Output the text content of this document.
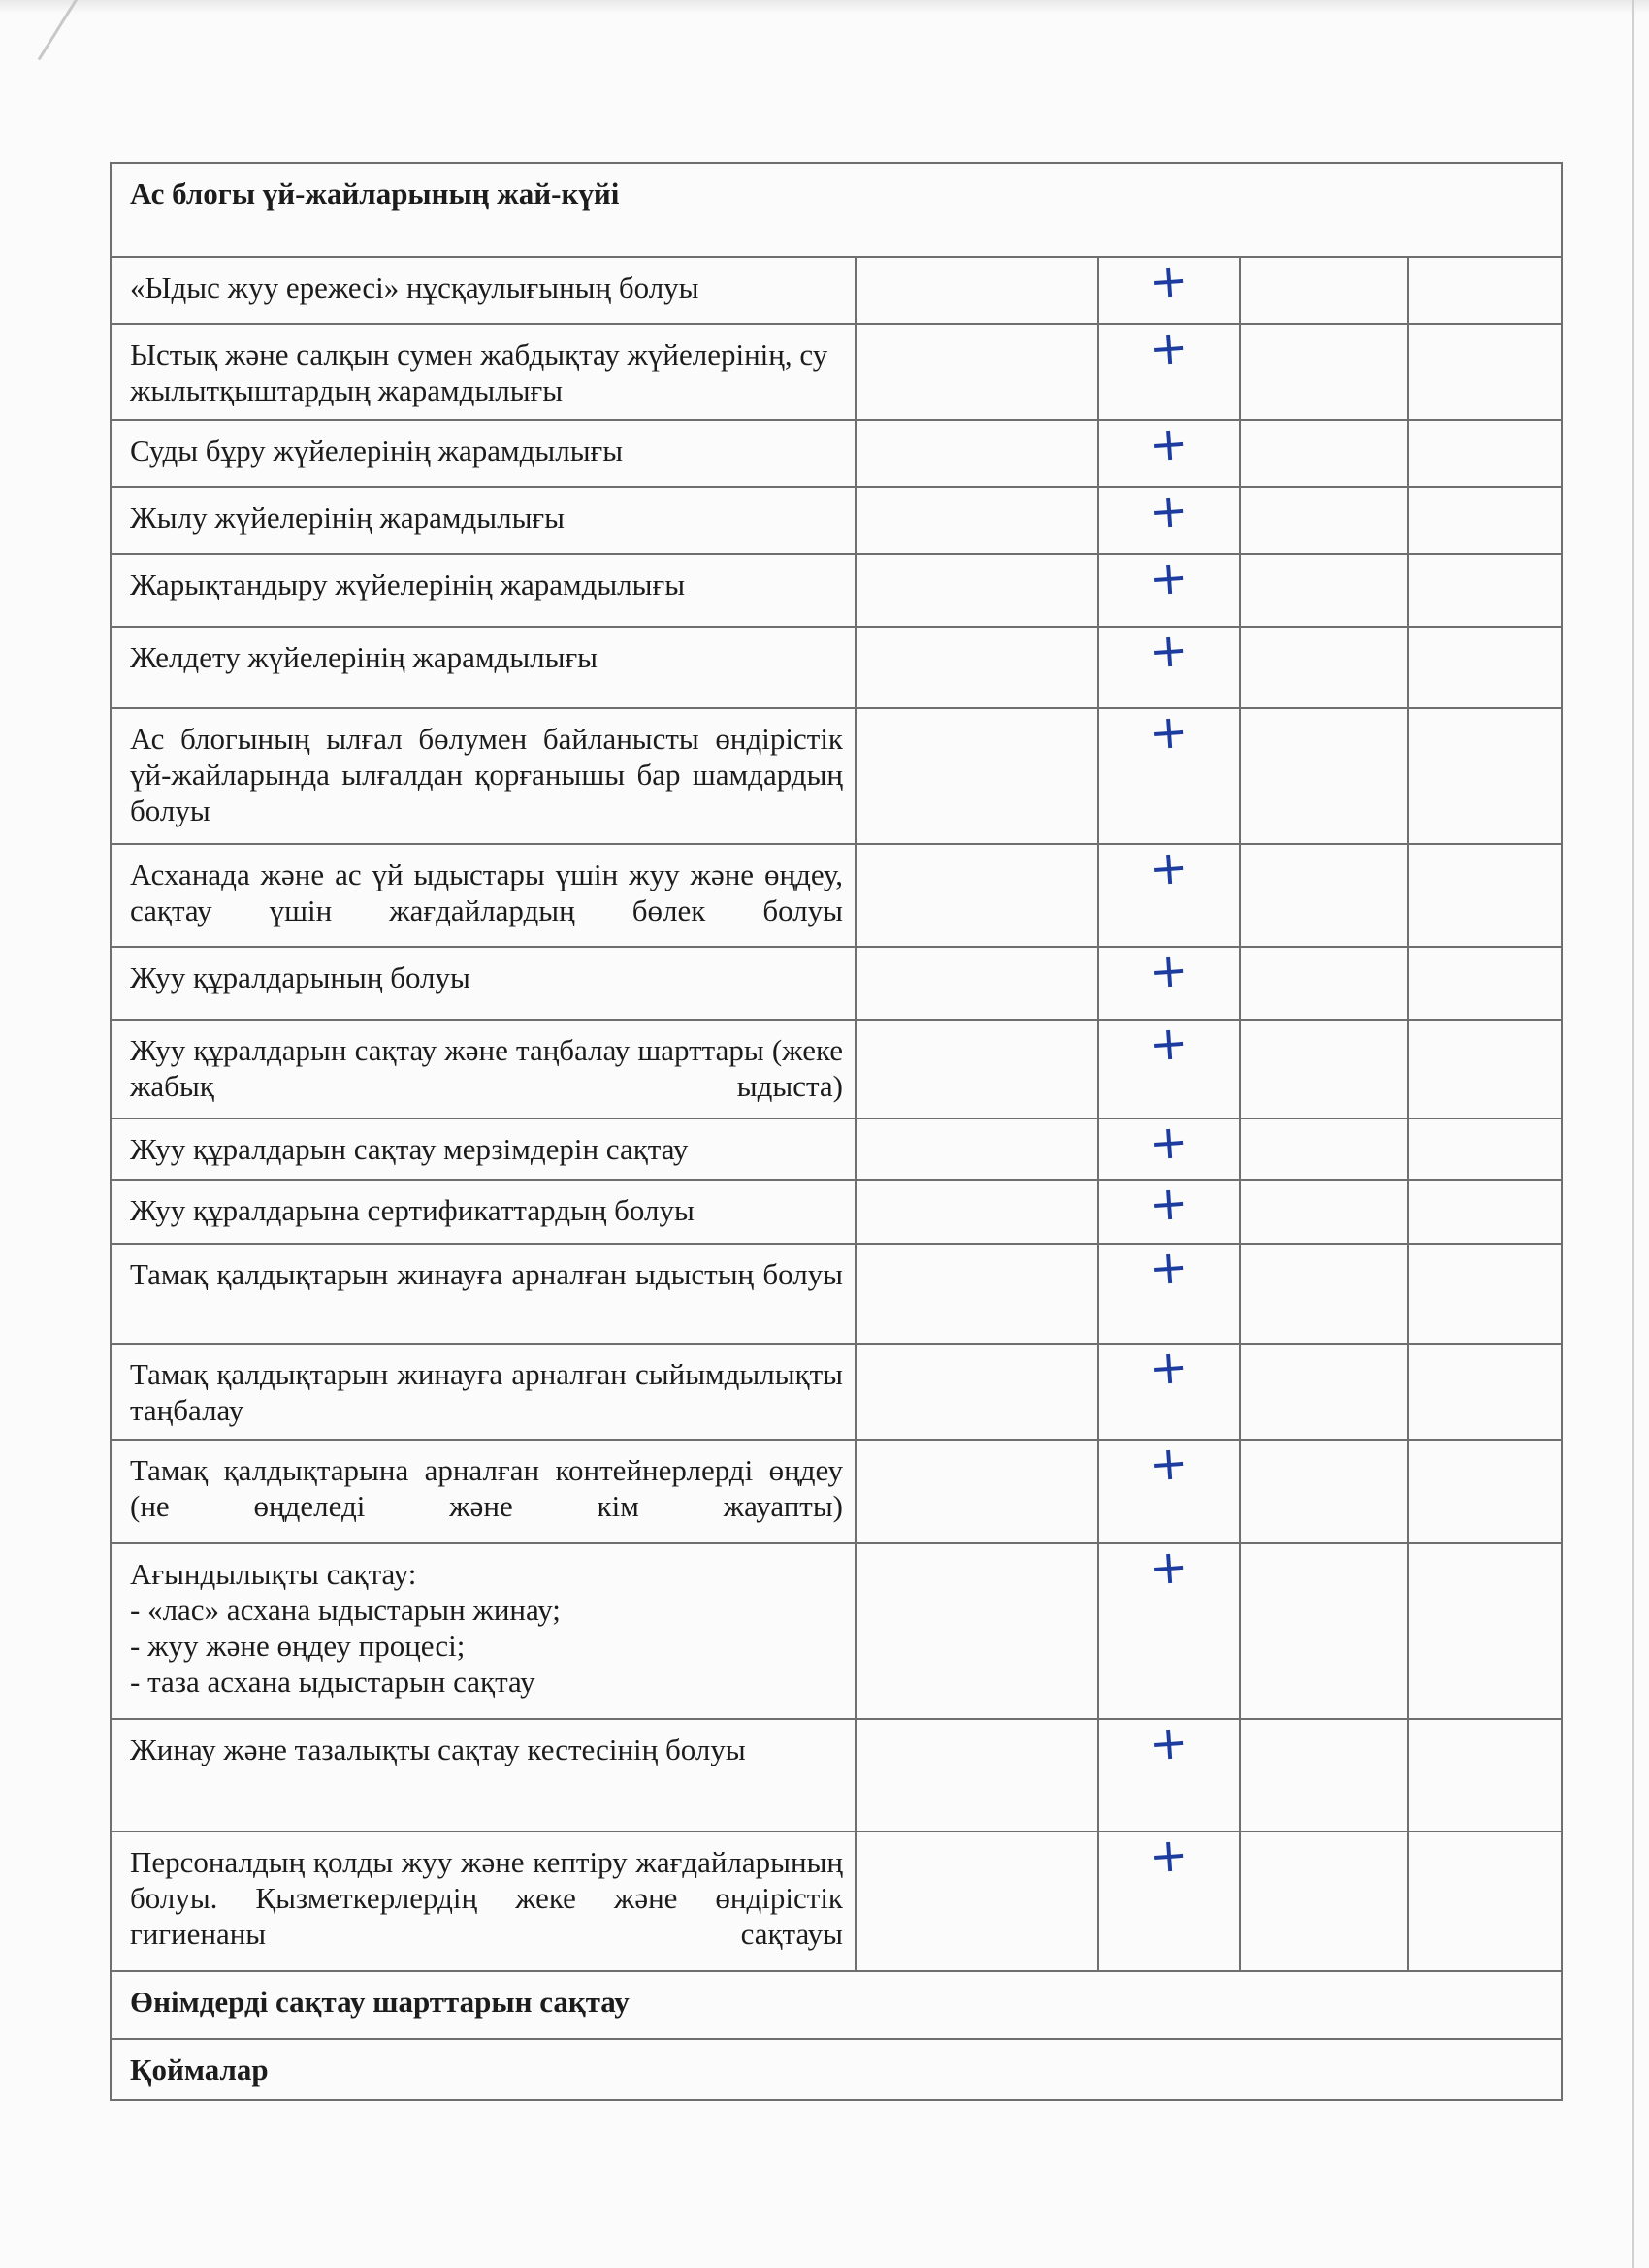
Ас блогы үй-жайларының жай-күйі				

«Ыдыс жуу ережесі» нұсқаулығының болуы		+		

Ыстық және салқын сумен жабдықтау жүйелерінің, су жылытқыштардың жарамдылығы		+		

Суды бұру жүйелерінің жарамдылығы		+		

Жылу жүйелерінің жарамдылығы		+		

Жарықтандыру жүйелерінің жарамдылығы		+		

Желдету жүйелерінің жарамдылығы		+		

Ас блогының ылғал бөлумен байланысты өндірістік үй-жайларында ылғалдан қорғанышы бар шамдардың болуы		+		

Асханада және ас үй ыдыстары үшін жуу және өңдеу, сақтау үшін жағдайлардың бөлек болуы		+		

Жуу құралдарының болуы		+		

Жуу құралдарын сақтау және таңбалау шарттары (жеке жабық ыдыста)		+		

Жуу құралдарын сақтау мерзімдерін сақтау		+		

Жуу құралдарына сертификаттардың болуы		+		

Тамақ қалдықтарын жинауға арналған ыдыстың болуы		+		

Тамақ қалдықтарын жинауға арналған сыйымдылықты таңбалау		+		

Тамақ қалдықтарына арналған контейнерлерді өңдеу (не өңделеді және кім жауапты)		+		

Ағындылықты сақтау:
- «лас» асхана ыдыстарын жинау;
- жуу және өңдеу процесі;
- таза асхана ыдыстарын сақтау		+		

Жинау және тазалықты сақтау кестесінің болуы		+		

Персоналдың қолды жуу және кептіру жағдайларының болуы. Қызметкерлердің жеке және өндірістік гигиенаны сақтауы		+		

Өнімдерді сақтау шарттарын сақтау				

Қоймалар				
